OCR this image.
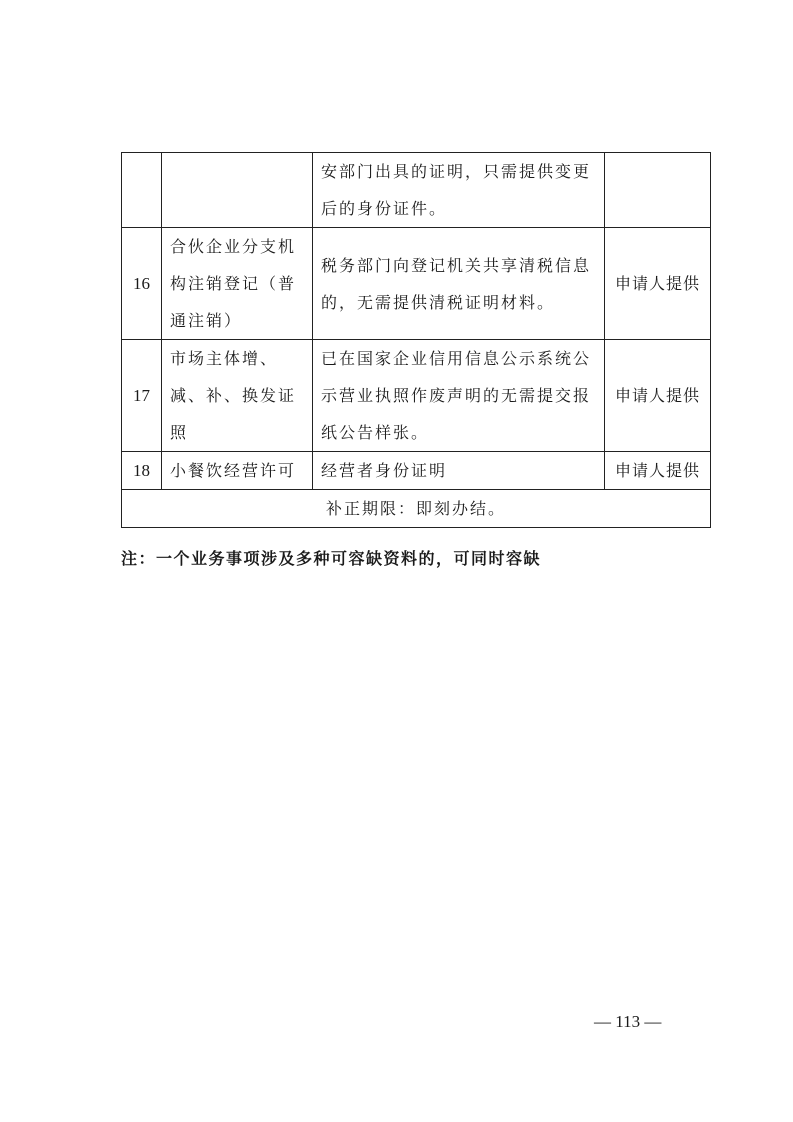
		安部门出具的证明，只需提供变更后的身份证件。	
16	合伙企业分支机构注销登记（普通注销）	税务部门向登记机关共享清税信息的，无需提供清税证明材料。	申请人提供
17	市场主体增、减、补、换发证照	已在国家企业信用信息公示系统公示营业执照作废声明的无需提交报纸公告样张。	申请人提供
18	小餐饮经营许可	经营者身份证明	申请人提供
补正期限：即刻办结。			
注：一个业务事项涉及多种可容缺资料的，可同时容缺
— 113 —
